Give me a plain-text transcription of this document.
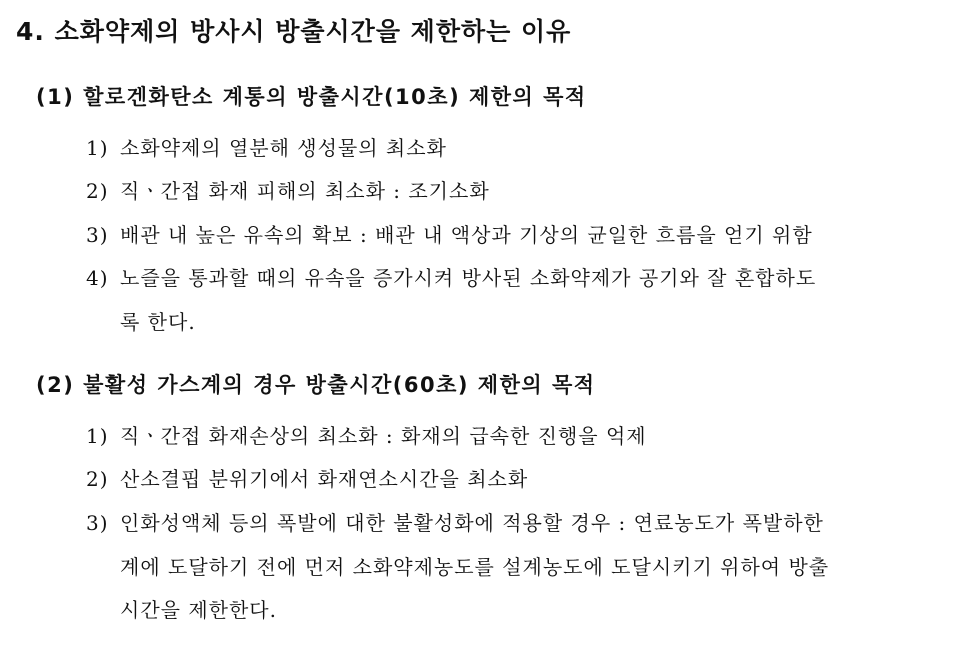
4. 소화약제의 방사시 방출시간을 제한하는 이유
(1) 할로겐화탄소 계통의 방출시간(10초) 제한의 목적
1) 소화약제의 열분해 생성물의 최소화
2) 직ㆍ간접 화재 피해의 최소화 : 조기소화
3) 배관 내 높은 유속의 확보 : 배관 내 액상과 기상의 균일한 흐름을 얻기 위함
4) 노즐을 통과할 때의 유속을 증가시켜 방사된 소화약제가 공기와 잘 혼합하도
록 한다.
(2) 불활성 가스계의 경우 방출시간(60초) 제한의 목적
1) 직ㆍ간접 화재손상의 최소화 : 화재의 급속한 진행을 억제
2) 산소결핍 분위기에서 화재연소시간을 최소화
3) 인화성액체 등의 폭발에 대한 불활성화에 적용할 경우 : 연료농도가 폭발하한
계에 도달하기 전에 먼저 소화약제농도를 설계농도에 도달시키기 위하여 방출
시간을 제한한다.
